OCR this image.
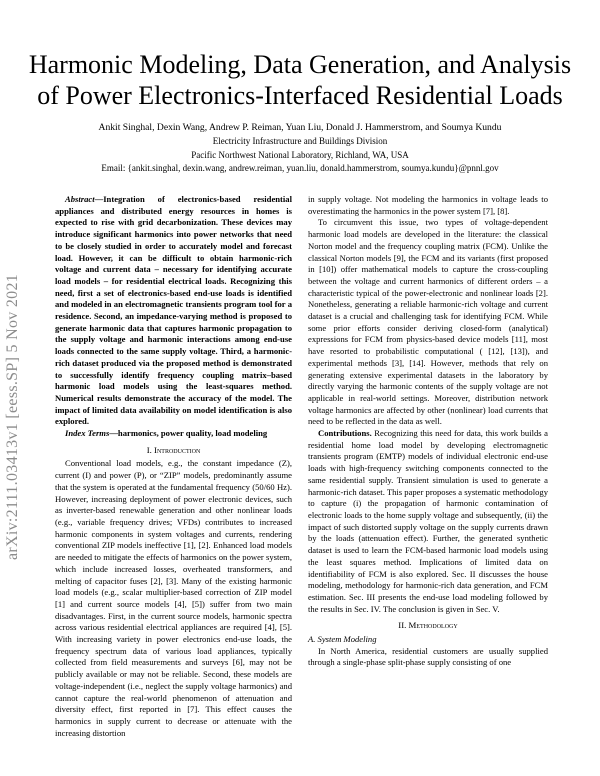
Harmonic Modeling, Data Generation, and Analysis
of Power Electronics-Interfaced Residential Loads
Ankit Singhal, Dexin Wang, Andrew P. Reiman, Yuan Liu, Donald J. Hammerstrom, and Soumya Kundu
Electricity Infrastructure and Buildings Division
Pacific Northwest National Laboratory, Richland, WA, USA
Email: {ankit.singhal, dexin.wang, andrew.reiman, yuan.liu, donald.hammerstrom, soumya.kundu}@pnnl.gov
arXiv:2111.03413v1 [eess.SP] 5 Nov 2021

Abstract—Integration of electronics-based residential appliances and distributed energy resources in homes is expected to rise with grid decarbonization. These devices may introduce significant harmonics into power networks that need to be closely studied in order to accurately model and forecast load. However, it can be difficult to obtain harmonic-rich voltage and current data – necessary for identifying accurate load models – for residential electrical loads. Recognizing this need, first a set of electronics-based end-use loads is identified and modeled in an electromagnetic transients program tool for a residence. Second, an impedance-varying method is proposed to generate harmonic data that captures harmonic propagation to the supply voltage and harmonic interactions among end-use loads connected to the same supply voltage. Third, a harmonic-rich dataset produced via the proposed method is demonstrated to successfully identify frequency coupling matrix–based harmonic load models using the least-squares method. Numerical results demonstrate the accuracy of the model. The impact of limited data availability on model identification is also explored.

Index Terms—harmonics, power quality, load modeling

I. Introduction

Conventional load models, e.g., the constant impedance (Z), current (I) and power (P), or “ZIP” models, predominantly assume that the system is operated at the fundamental frequency (50/60 Hz). However, increasing deployment of power electronic devices, such as inverter-based renewable generation and other nonlinear loads (e.g., variable frequency drives; VFDs) contributes to increased harmonic components in system voltages and currents, rendering conventional ZIP models ineffective [1], [2]. Enhanced load models are needed to mitigate the effects of harmonics on the power system, which include increased losses, overheated transformers, and melting of capacitor fuses [2], [3]. Many of the existing harmonic load models (e.g., scalar multiplier-based correction of ZIP model [1] and current source models [4], [5]) suffer from two main disadvantages. First, in the current source models, harmonic spectra across various residential electrical appliances are required [4], [5]. With increasing variety in power electronics end-use loads, the frequency spectrum data of various load appliances, typically collected from field measurements and surveys [6], may not be publicly available or may not be reliable. Second, these models are voltage-independent (i.e., neglect the supply voltage harmonics) and cannot capture the real-world phenomenon of attenuation and diversity effect, first reported in [7]. This effect causes the harmonics in supply current to decrease or attenuate with the increasing distortion

in supply voltage. Not modeling the harmonics in voltage leads to overestimating the harmonics in the power system [7], [8].

To circumvent this issue, two types of voltage-dependent harmonic load models are developed in the literature: the classical Norton model and the frequency coupling matrix (FCM). Unlike the classical Norton models [9], the FCM and its variants (first proposed in [10]) offer mathematical models to capture the cross-coupling between the voltage and current harmonics of different orders – a characteristic typical of the power-electronic and nonlinear loads [2]. Nonetheless, generating a reliable harmonic-rich voltage and current dataset is a crucial and challenging task for identifying FCM. While some prior efforts consider deriving closed-form (analytical) expressions for FCM from physics-based device models [11], most have resorted to probabilistic computational ( [12], [13]), and experimental methods [3], [14]. However, methods that rely on generating extensive experimental datasets in the laboratory by directly varying the harmonic contents of the supply voltage are not applicable in real-world settings. Moreover, distribution network voltage harmonics are affected by other (nonlinear) load currents that need to be reflected in the data as well.

Contributions. Recognizing this need for data, this work builds a residential home load model by developing electromagnetic transients program (EMTP) models of individual electronic end-use loads with high-frequency switching components connected to the same residential supply. Transient simulation is used to generate a harmonic-rich dataset. This paper proposes a systematic methodology to capture (i) the propagation of harmonic contamination of electronic loads to the home supply voltage and subsequently, (ii) the impact of such distorted supply voltage on the supply currents drawn by the loads (attenuation effect). Further, the generated synthetic dataset is used to learn the FCM-based harmonic load models using the least squares method. Implications of limited data on identifiability of FCM is also explored. Sec. II discusses the house modeling, methodology for harmonic-rich data generation, and FCM estimation. Sec. III presents the end-use load modeling followed by the results in Sec. IV. The conclusion is given in Sec. V.

II. Methodology

A. System Modeling

In North America, residential customers are usually supplied through a single-phase split-phase supply consisting of one
